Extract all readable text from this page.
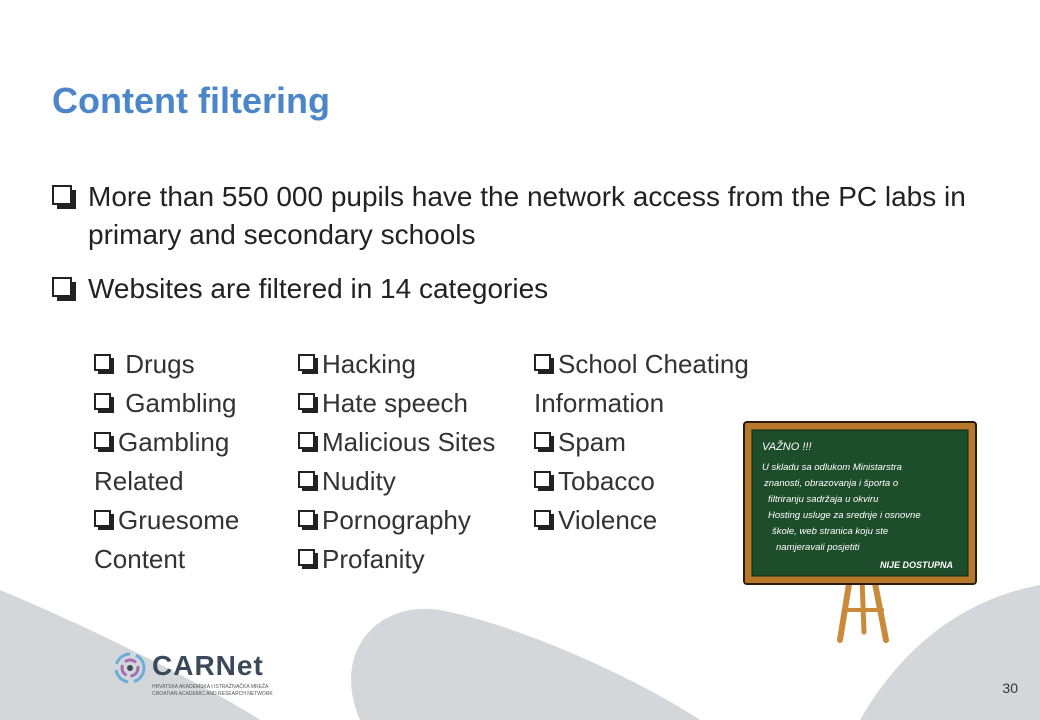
Content filtering
More than 550 000 pupils have the network access from the PC labs in primary and secondary schools
Websites are filtered in 14 categories
Drugs
Gambling
Gambling Related
Gruesome Content
Hacking
Hate speech
Malicious Sites
Nudity
Pornography
Profanity
School Cheating Information
Spam
Tobacco
Violence
VAŽNO !!!
U skladu sa odlukom Ministarstra
znanosti, obrazovanja i športa o
filtriranju sadržaja u okviru
Hosting usluge za srednje i osnovne
škole, web stranica koju ste
namjeravali posjetiti
NIJE DOSTUPNA
CARNet
HRVATSKA AKADEMSKA I ISTRAŽIVAČKA MREŽA
CROATIAN ACADEMIC AND RESEARCH NETWORK	30
